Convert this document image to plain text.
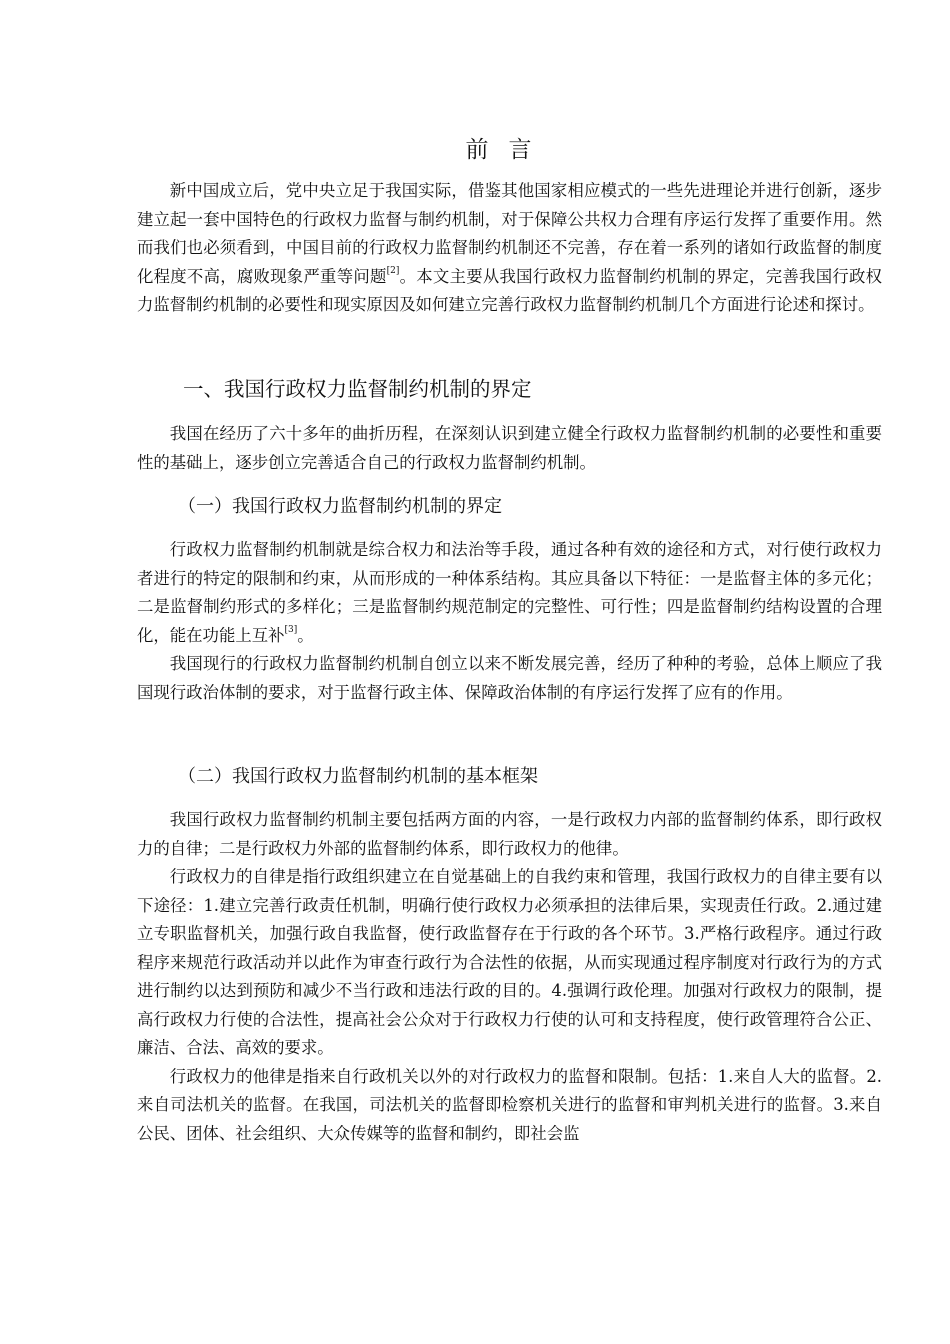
前言

新中国成立后，党中央立足于我国实际，借鉴其他国家相应模式的一些先进理论并进行创新，逐步建立起一套中国特色的行政权力监督与制约机制，对于保障公共权力合理有序运行发挥了重要作用。然而我们也必须看到，中国目前的行政权力监督制约机制还不完善，存在着一系列的诸如行政监督的制度化程度不高，腐败现象严重等问题[2]。本文主要从我国行政权力监督制约机制的界定，完善我国行政权力监督制约机制的必要性和现实原因及如何建立完善行政权力监督制约机制几个方面进行论述和探讨。

一、我国行政权力监督制约机制的界定

我国在经历了六十多年的曲折历程，在深刻认识到建立健全行政权力监督制约机制的必要性和重要性的基础上，逐步创立完善适合自己的行政权力监督制约机制。

（一）我国行政权力监督制约机制的界定

行政权力监督制约机制就是综合权力和法治等手段，通过各种有效的途径和方式，对行使行政权力者进行的特定的限制和约束，从而形成的一种体系结构。其应具备以下特征：一是监督主体的多元化；二是监督制约形式的多样化；三是监督制约规范制定的完整性、可行性；四是监督制约结构设置的合理化，能在功能上互补[3]。

我国现行的行政权力监督制约机制自创立以来不断发展完善，经历了种种的考验，总体上顺应了我国现行政治体制的要求，对于监督行政主体、保障政治体制的有序运行发挥了应有的作用。

（二）我国行政权力监督制约机制的基本框架

我国行政权力监督制约机制主要包括两方面的内容，一是行政权力内部的监督制约体系，即行政权力的自律；二是行政权力外部的监督制约体系，即行政权力的他律。

行政权力的自律是指行政组织建立在自觉基础上的自我约束和管理，我国行政权力的自律主要有以下途径：1.建立完善行政责任机制，明确行使行政权力必须承担的法律后果，实现责任行政。2.通过建立专职监督机关，加强行政自我监督，使行政监督存在于行政的各个环节。3.严格行政程序。通过行政程序来规范行政活动并以此作为审查行政行为合法性的依据，从而实现通过程序制度对行政行为的方式进行制约以达到预防和减少不当行政和违法行政的目的。4.强调行政伦理。加强对行政权力的限制，提高行政权力行使的合法性，提高社会公众对于行政权力行使的认可和支持程度，使行政管理符合公正、廉洁、合法、高效的要求。

行政权力的他律是指来自行政机关以外的对行政权力的监督和限制。包括：1.来自人大的监督。2.来自司法机关的监督。在我国，司法机关的监督即检察机关进行的监督和审判机关进行的监督。3.来自公民、团体、社会组织、大众传媒等的监督和制约，即社会监
